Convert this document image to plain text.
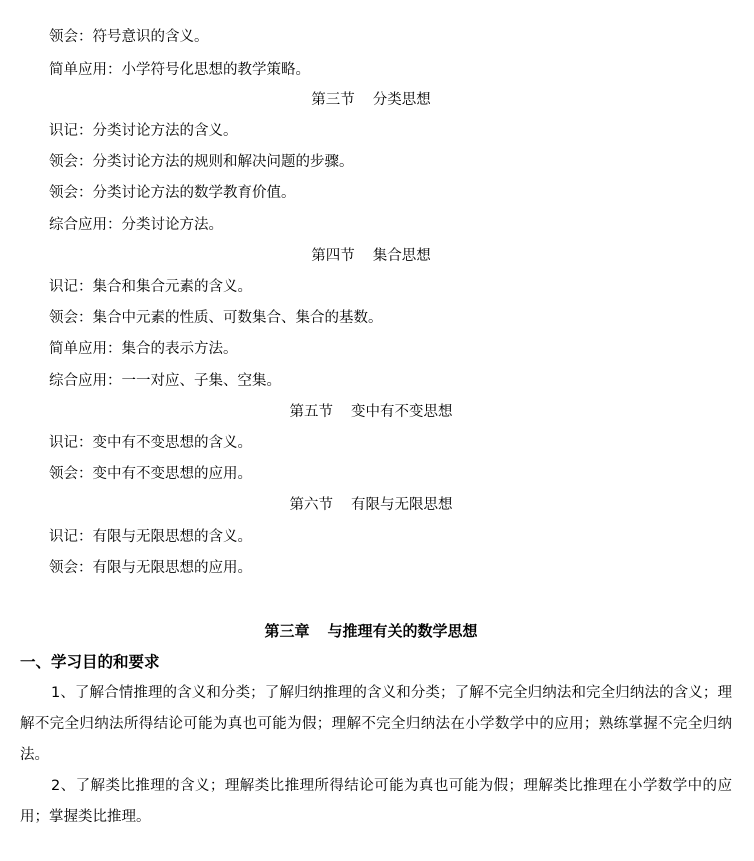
领会：符号意识的含义。
简单应用：小学符号化思想的教学策略。
第三节 分类思想
识记：分类讨论方法的含义。
领会：分类讨论方法的规则和解决问题的步骤。
领会：分类讨论方法的数学教育价值。
综合应用：分类讨论方法。
第四节 集合思想
识记：集合和集合元素的含义。
领会：集合中元素的性质、可数集合、集合的基数。
简单应用：集合的表示方法。
综合应用：一一对应、子集、空集。
第五节 变中有不变思想
识记：变中有不变思想的含义。
领会：变中有不变思想的应用。
第六节 有限与无限思想
识记：有限与无限思想的含义。
领会：有限与无限思想的应用。
第三章 与推理有关的数学思想
一、学习目的和要求
1、了解合情推理的含义和分类；了解归纳推理的含义和分类；了解不完全归纳法和完全归纳法的含义；理解不完全归纳法所得结论可能为真也可能为假；理解不完全归纳法在小学数学中的应用；熟练掌握不完全归纳法。
2、了解类比推理的含义；理解类比推理所得结论可能为真也可能为假；理解类比推理在小学数学中的应用；掌握类比推理。
